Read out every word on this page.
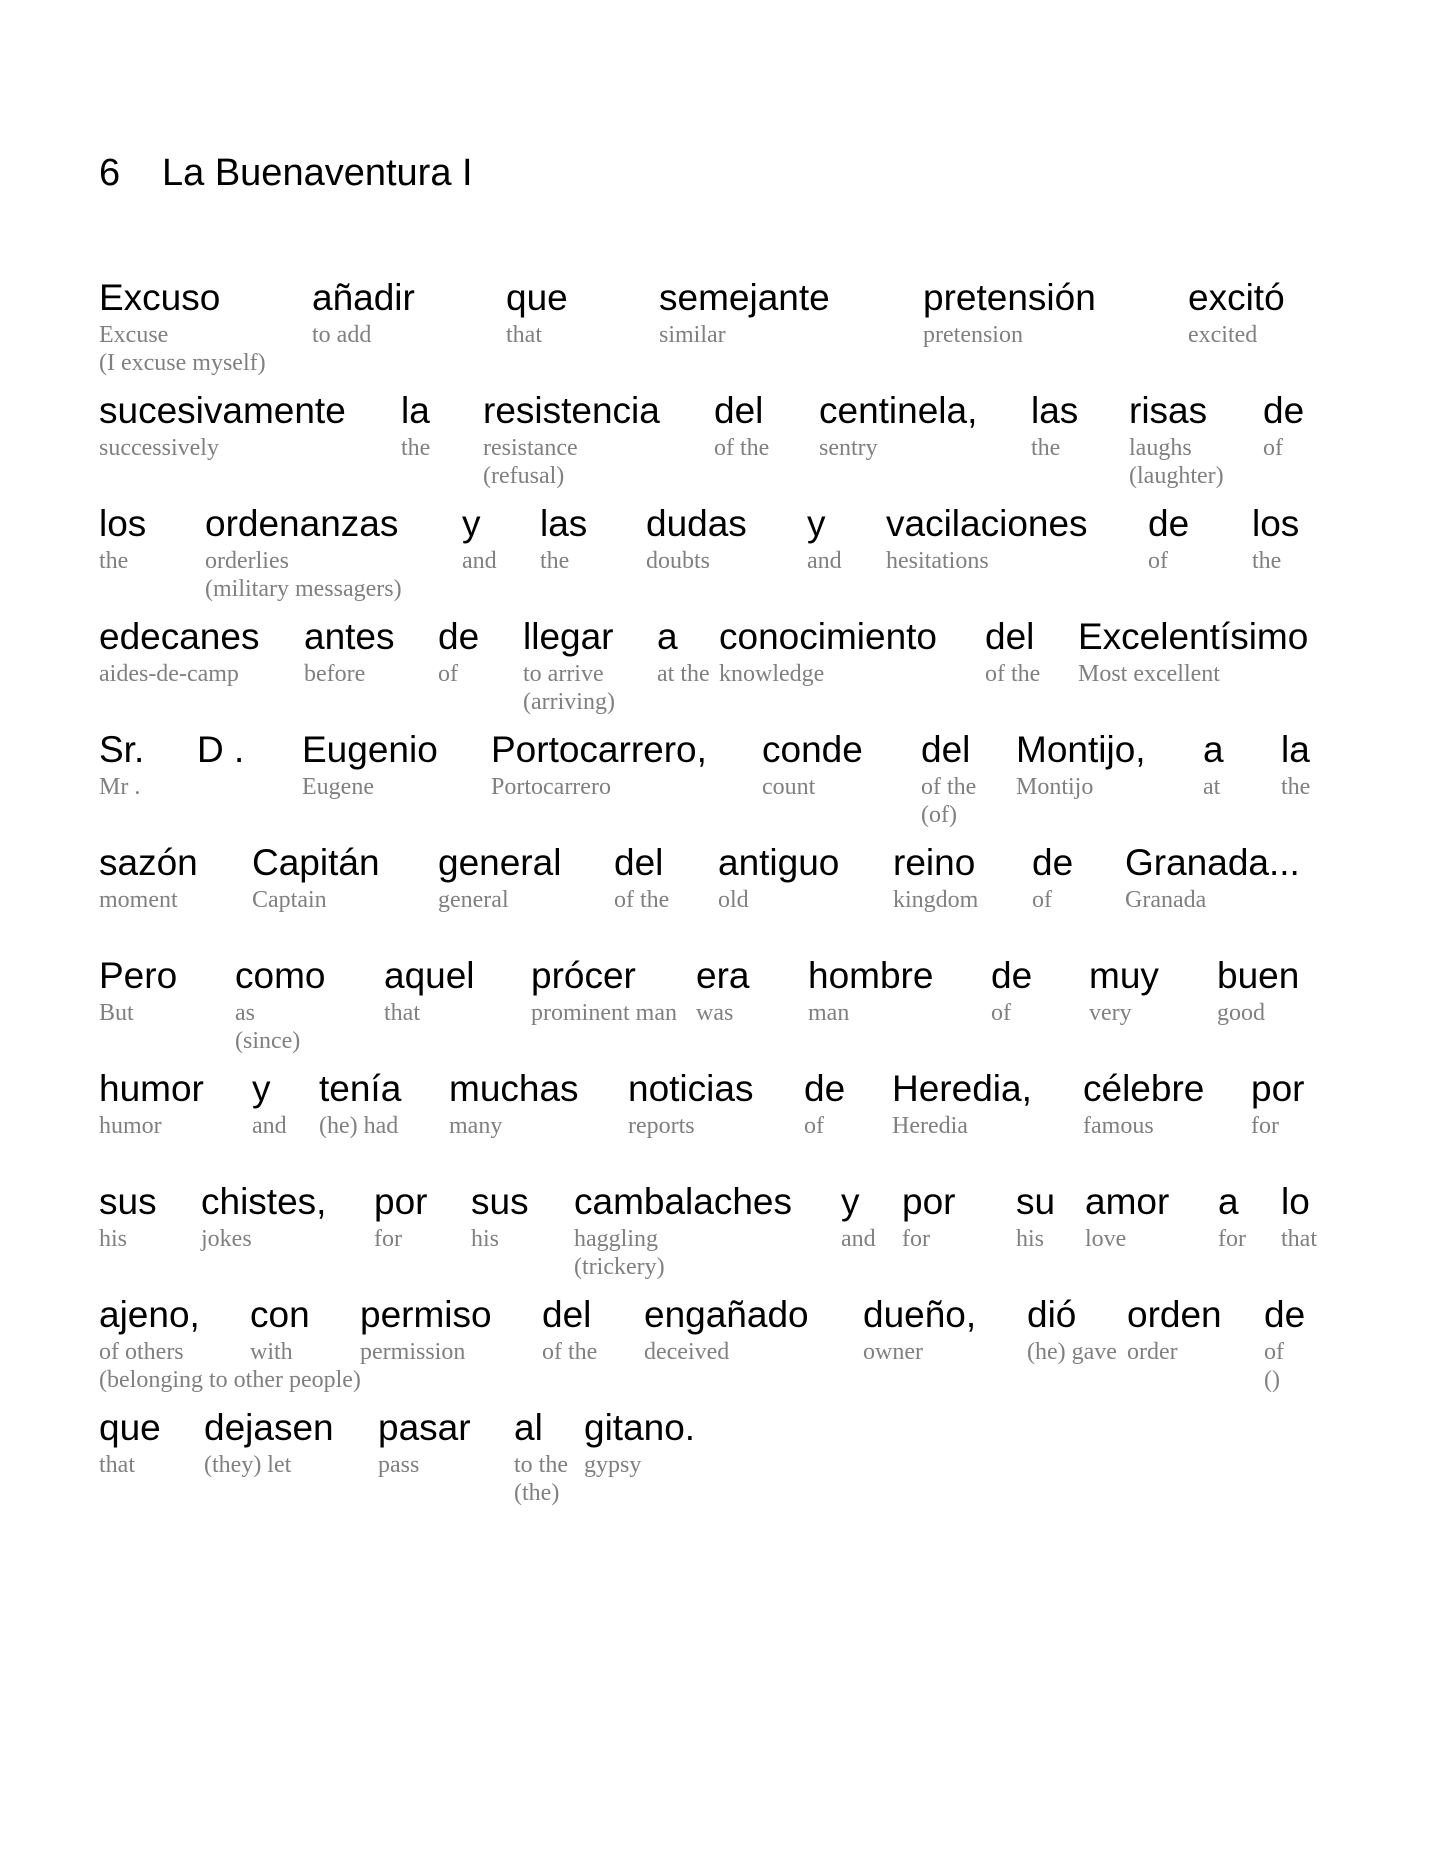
6 La Buenaventura I
Excuso
Excuse
(I excuse myself)
añadir
to add
que
that
semejante
similar
pretensión
pretension
excitó
excited
sucesivamente
successively
la
the
resistencia
resistance
(refusal)
del
of the
centinela,
sentry
las
the
risas
laughs
(laughter)
de
of
los
the
ordenanzas
orderlies
(military messagers)
y
and
las
the
dudas
doubts
y
and
vacilaciones
hesitations
de
of
los
the
edecanes
aides-de-camp
antes
before
de
of
llegar
to arrive
(arriving)
a
at the
conocimiento
knowledge
del
of the
Excelentísimo
Most excellent
Sr.
Mr .
D .
Eugenio
Eugene
Portocarrero,
Portocarrero
conde
count
del
of the
(of)
Montijo,
Montijo
a
at
la
the
sazón
moment
Capitán
Captain
general
general
del
of the
antiguo
old
reino
kingdom
de
of
Granada...
Granada
Pero
But
como
as
(since)
aquel
that
prócer
prominent man
era
was
hombre
man
de
of
muy
very
buen
good
humor
humor
y
and
tenía
(he) had
muchas
many
noticias
reports
de
of
Heredia,
Heredia
célebre
famous
por
for
sus
his
chistes,
jokes
por
for
sus
his
cambalaches
haggling
(trickery)
y
and
por
for
su
his
amor
love
a
for
lo
that
ajeno,
of others
(belonging to other people)
con
with
permiso
permission
del
of the
engañado
deceived
dueño,
owner
dió
(he) gave
orden
order
de
of
()
que
that
dejasen
(they) let
pasar
pass
al
to the
(the)
gitano.
gypsy
